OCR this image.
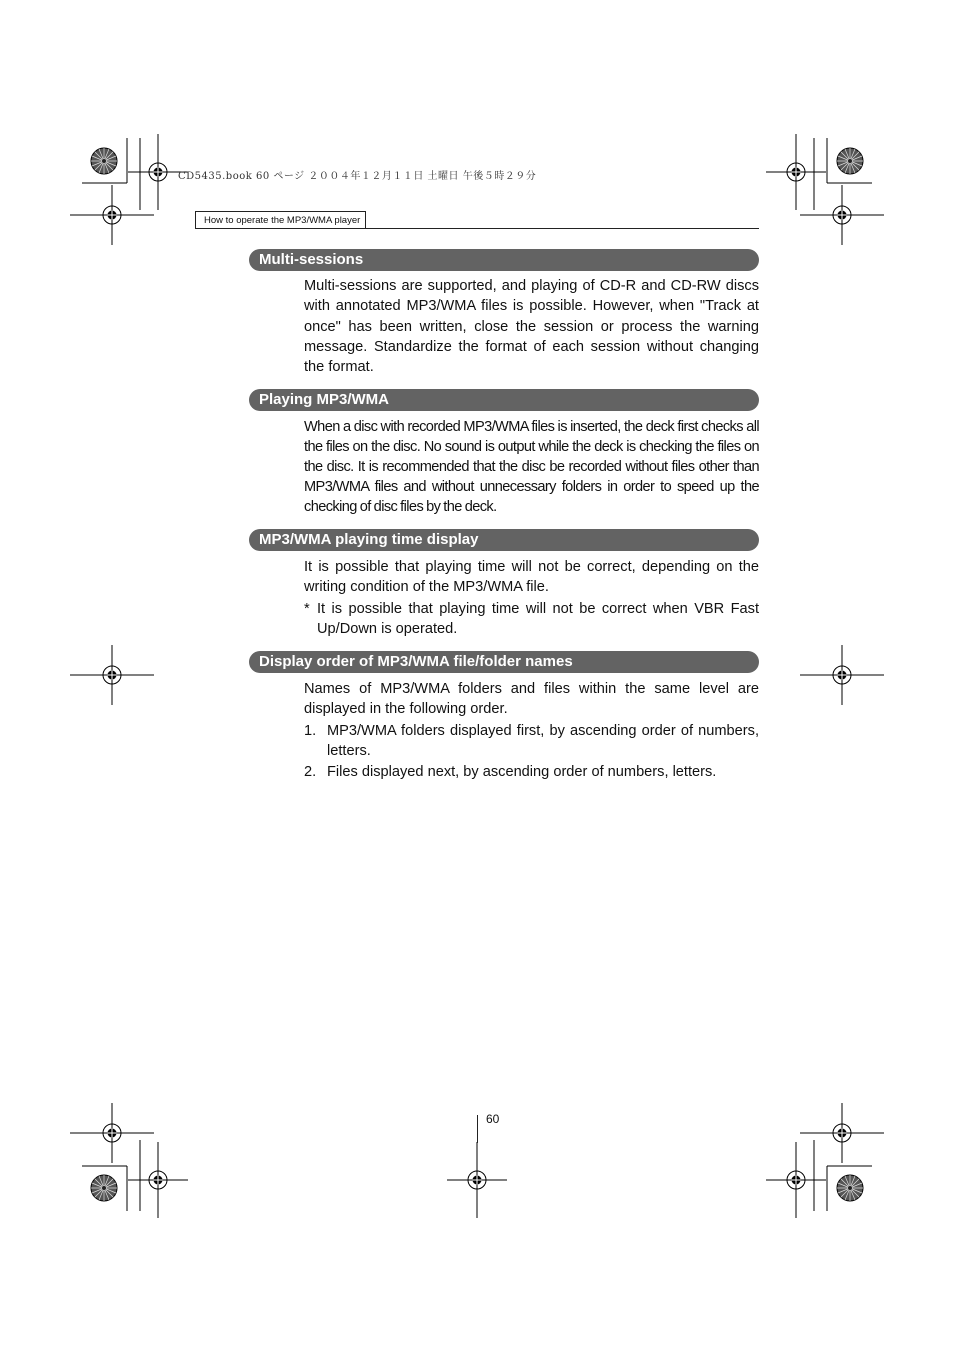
CD5435.book 60 ページ ２００４年１２月１１日 土曜日 午後５時２９分
How to operate the MP3/WMA player
Multi-sessions

Multi-sessions are supported, and playing of CD-R and CD-RW discs with annotated MP3/WMA files is possible. However, when "Track at once" has been written, close the session or process the warning message. Standardize the format of each session without changing the format.

Playing MP3/WMA

When a disc with recorded MP3/WMA files is inserted, the deck first checks all the files on the disc. No sound is output while the deck is checking the files on the disc. It is recommended that the disc be recorded without files other than MP3/WMA files and without unnecessary folders in order to speed up the checking of disc files by the deck.

MP3/WMA playing time display

It is possible that playing time will not be correct, depending on the writing condition of the MP3/WMA file.

* It is possible that playing time will not be correct when VBR Fast Up/Down is operated.
Display order of MP3/WMA file/folder names

Names of MP3/WMA folders and files within the same level are displayed in the following order.

1. MP3/WMA folders displayed first, by ascending order of numbers, letters.
2. Files displayed next, by ascending order of numbers, letters.
60
